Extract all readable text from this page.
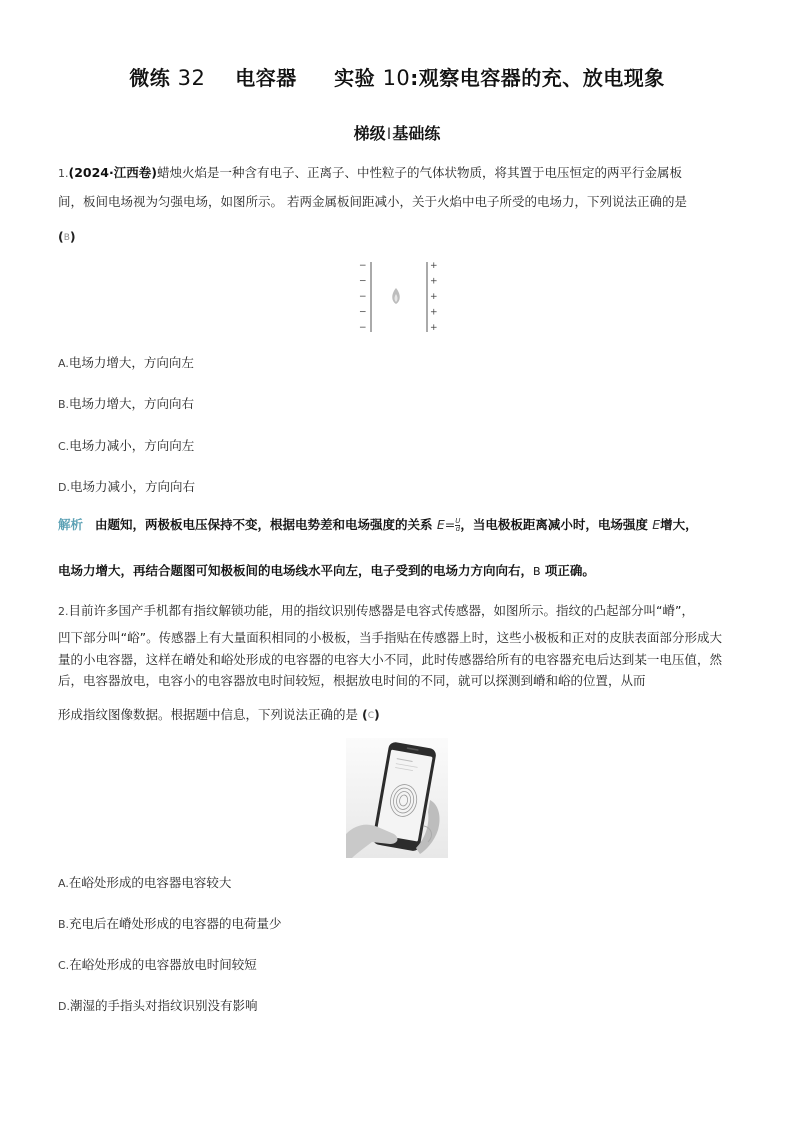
微练 32 电容器 实验 10:观察电容器的充、放电现象
梯级Ⅰ基础练
1.(2024·江西卷)蜡烛火焰是一种含有电子、正离子、中性粒子的气体状物质，将其置于电压恒定的两平行金属板
间，板间电场视为匀强电场，如图所示。 若两金属板间距减小，关于火焰中电子所受的电场力，下列说法正确的是
(B)
−
−
−
−
−
+
+
+
+
+
A.电场力增大，方向向左
B.电场力增大，方向向右
C.电场力减小，方向向左
D.电场力减小，方向向右
解析 由题知，两极板电压保持不变，根据电势差和电场强度的关系 $E= \frac{U}{d}$ ，当电极板距离减小时，电场强度 E增大，
电场力增大，再结合题图可知极板间的电场线水平向左，电子受到的电场力方向向右，B 项正确。
2.目前许多国产手机都有指纹解锁功能，用的指纹识别传感器是电容式传感器，如图所示。指纹的凸起部分叫“嵴”，
凹下部分叫“峪”。传感器上有大量面积相同的小极板，当手指贴在传感器上时，这些小极板和正对的皮肤表面部分形成大量的小电容器，这样在嵴处和峪处形成的电容器的电容大小不同，此时传感器给所有的电容器充电后达到某一电压值，然后，电容器放电，电容小的电容器放电时间较短，根据放电时间的不同，就可以探测到嵴和峪的位置，从而
形成指纹图像数据。根据题中信息，下列说法正确的是 (C)
A.在峪处形成的电容器电容较大
B.充电后在嵴处形成的电容器的电荷量少
C.在峪处形成的电容器放电时间较短
D.潮湿的手指头对指纹识别没有影响
